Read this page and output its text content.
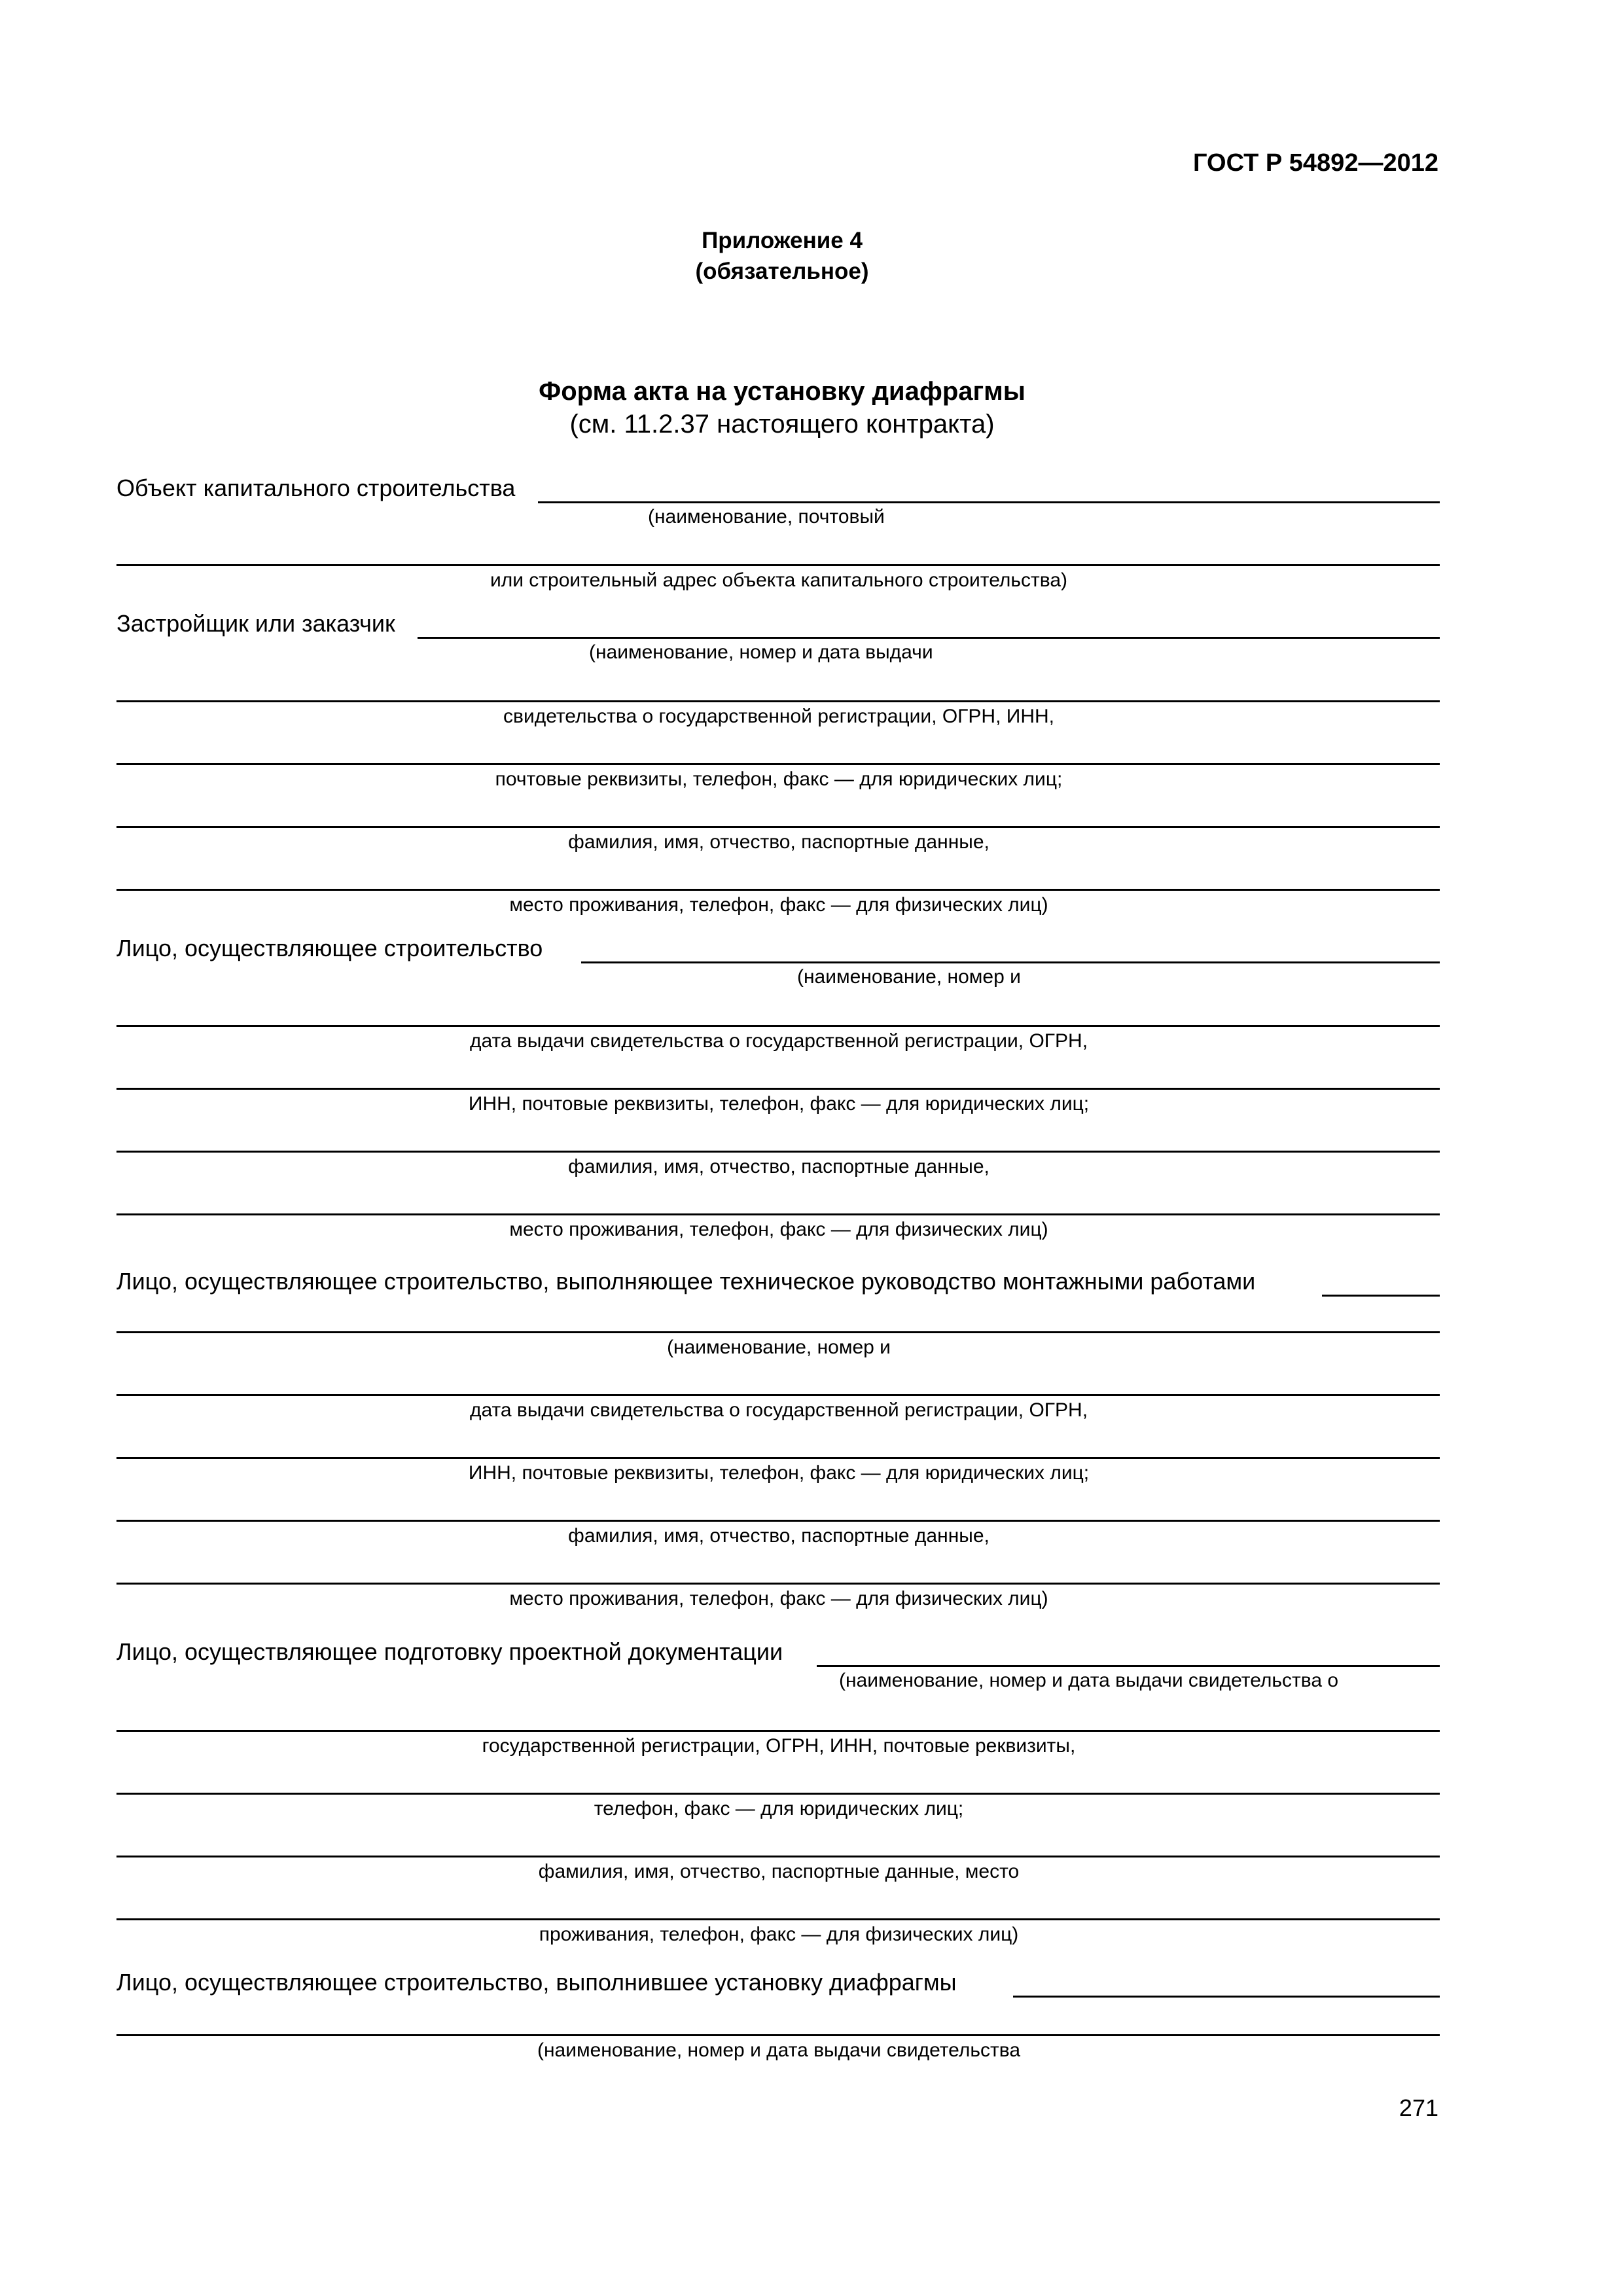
ГОСТ Р 54892—2012
Приложение 4
(обязательное)
Форма акта на установку диафрагмы
(см. 11.2.37 настоящего контракта)
Объект капитального строительства
(наименование, почтовый
или строительный адрес объекта капитального строительства)
Застройщик или заказчик
(наименование, номер и дата выдачи
свидетельства о государственной регистрации, ОГРН, ИНН,
почтовые реквизиты, телефон, факс — для юридических лиц;
фамилия, имя, отчество, паспортные данные,
место проживания, телефон, факс — для физических лиц)
Лицо, осуществляющее строительство
(наименование, номер и
дата выдачи свидетельства о государственной регистрации, ОГРН,
ИНН, почтовые реквизиты, телефон, факс — для юридических лиц;
фамилия, имя, отчество, паспортные данные,
место проживания, телефон, факс — для физических лиц)
Лицо, осуществляющее строительство, выполняющее техническое руководство монтажными работами
(наименование, номер и
дата выдачи свидетельства о государственной регистрации, ОГРН,
ИНН, почтовые реквизиты, телефон, факс — для юридических лиц;
фамилия, имя, отчество, паспортные данные,
место проживания, телефон, факс — для физических лиц)
Лицо, осуществляющее подготовку проектной документации
(наименование, номер и дата выдачи свидетельства о
государственной регистрации, ОГРН, ИНН, почтовые реквизиты,
телефон, факс — для юридических лиц;
фамилия, имя, отчество, паспортные данные, место
проживания, телефон, факс — для физических лиц)
Лицо, осуществляющее строительство, выполнившее установку диафрагмы
(наименование, номер и дата выдачи свидетельства
271
